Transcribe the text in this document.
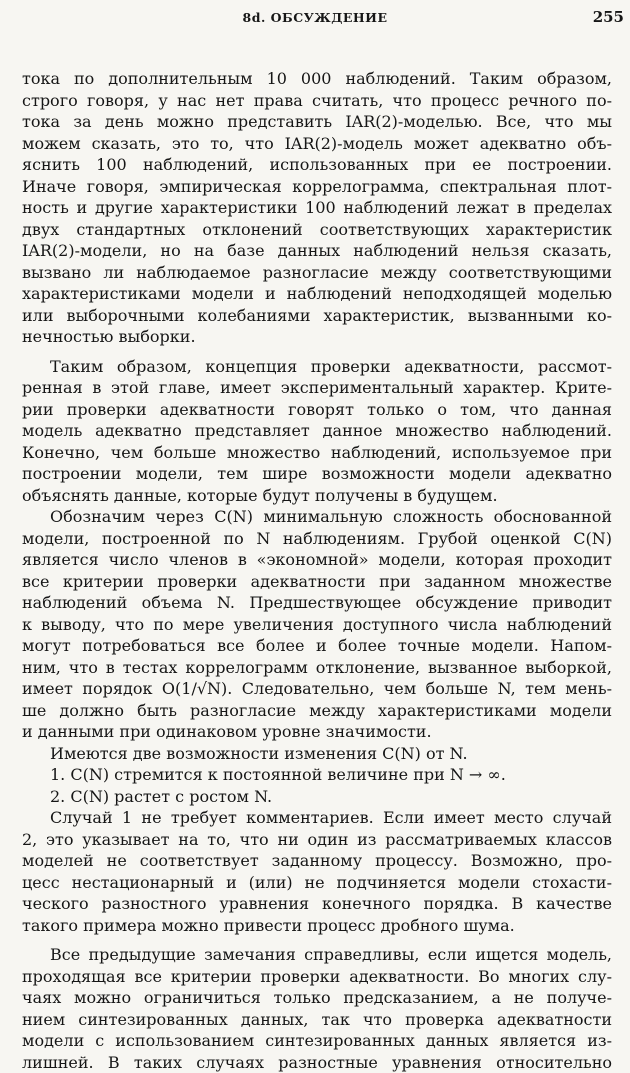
8d. ОБСУЖДЕНИЕ	255
тока по дополнительным 10 000 наблюдений. Таким образом,
строго говоря, у нас нет права считать, что процесс речного по-
тока за день можно представить IAR(2)-моделью. Все, что мы
можем сказать, это то, что IAR(2)-модель может адекватно объ-
яснить 100 наблюдений, использованных при ее построении.
Иначе говоря, эмпирическая коррелограмма, спектральная плот-
ность и другие характеристики 100 наблюдений лежат в пределах
двух стандартных отклонений соответствующих характеристик
IAR(2)-модели, но на базе данных наблюдений нельзя сказать,
вызвано ли наблюдаемое разногласие между соответствующими
характеристиками модели и наблюдений неподходящей моделью
или выборочными колебаниями характеристик, вызванными ко-
нечностью выборки.
Таким образом, концепция проверки адекватности, рассмот-
ренная в этой главе, имеет экспериментальный характер. Крите-
рии проверки адекватности говорят только о том, что данная
модель адекватно представляет данное множество наблюдений.
Конечно, чем больше множество наблюдений, используемое при
построении модели, тем шире возможности модели адекватно
объяснять данные, которые будут получены в будущем.
Обозначим через C(N) минимальную сложность обоснованной
модели, построенной по N наблюдениям. Грубой оценкой C(N)
является число членов в «экономной» модели, которая проходит
все критерии проверки адекватности при заданном множестве
наблюдений объема N. Предшествующее обсуждение приводит
к выводу, что по мере увеличения доступного числа наблюдений
могут потребоваться все более и более точные модели. Напом-
ним, что в тестах коррелограмм отклонение, вызванное выборкой,
имеет порядок O(1/√N). Следовательно, чем больше N, тем мень-
ше должно быть разногласие между характеристиками модели
и данными при одинаковом уровне значимости.
Имеются две возможности изменения C(N) от N.
1. C(N) стремится к постоянной величине при N → ∞.
2. C(N) растет с ростом N.
Случай 1 не требует комментариев. Если имеет место случай
2, это указывает на то, что ни один из рассматриваемых классов
моделей не соответствует заданному процессу. Возможно, про-
цесс нестационарный и (или) не подчиняется модели стохасти-
ческого разностного уравнения конечного порядка. В качестве
такого примера можно привести процесс дробного шума.
Все предыдущие замечания справедливы, если ищется модель,
проходящая все критерии проверки адекватности. Во многих слу-
чаях можно ограничиться только предсказанием, а не получе-
нием синтезированных данных, так что проверка адекватности
модели с использованием синтезированных данных является из-
лишней. В таких случаях разностные уравнения относительно
